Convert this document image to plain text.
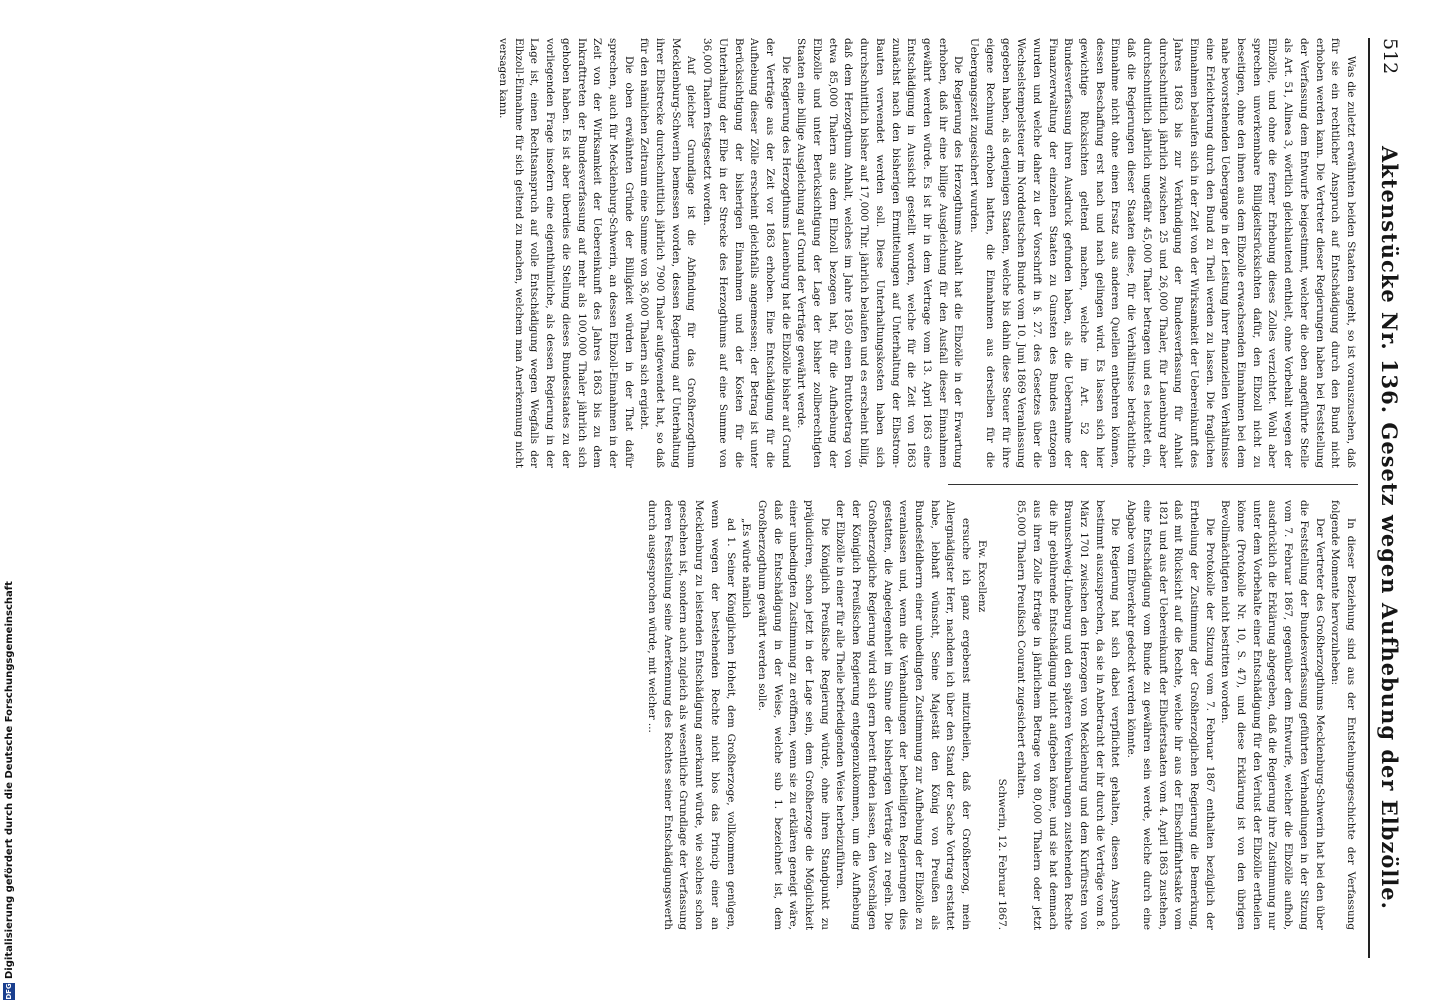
512
Aktenstücke Nr. 136. Gesetz wegen Aufhebung der Elbzölle.

Was die zuletzt erwähnten beiden Staaten angeht, so ist vorauszusehen, daß für sie ein rechtlicher Anspruch auf Entschädigung durch den Bund nicht erhoben werden kann. Die Vertreter dieser Regierungen haben bei Feststellung der Verfassung dem Entwurfe beigestimmt, welcher die oben angeführte Stelle als Art. 51, Alinea 3, wörtlich gleichlautend enthielt, ohne Vorbehalt wegen der Elbzölle, und ohne die ferner Erhebung dieses Zolles verzichtet. Wohl aber sprechen unverkennbare Billigkeitsrücksichten dafür, den Elbzoll nicht zu beseitigen, ohne den ihnen aus dem Elbzolle erwachsenden Einnahmen bei dem nahe bevorstehenden Uebergange in der Leistung ihrer finanziellen Verhältnisse eine Erleichterung durch den Bund zu Theil werden zu lassen. Die fraglichen Einnahmen belaufen sich in der Zeit von der Wirksamkeit der Uebereinkunft des Jahres 1863 bis zur Verkündigung der Bundesverfassung für Anhalt durchschnittlich jährlich zwischen 25 und 26,000 Thaler, für Lauenburg aber durchschnittlich jährlich ungefähr 45,000 Thaler betragen und es leuchtet ein, daß die Regierungen dieser Staaten diese, für die Verhältnisse beträchtliche Einnahme nicht ohne einen Ersatz aus anderen Quellen entbehren können, dessen Beschaffung erst nach und nach gelingen wird. Es lassen sich hier gewichtige Rücksichten geltend machen, welche im Art. 52 der Bundesverfassung ihren Ausdruck gefunden haben, als die Uebernahme der Finanzverwaltung der einzelnen Staaten zu Gunsten des Bundes entzogen wurden und welche daher zu der Vorschrift in §. 27. des Gesetzes über die Wechselstempelsteuer im Norddeutschen Bunde vom 10. Juni 1869 Veranlassung gegeben haben, als denjenigen Staaten, welche bis dahin diese Steuer für ihre eigene Rechnung erhoben hatten, die Einnahmen aus derselben für die Uebergangszeit zugesichert wurden.

Die Regierung des Herzogthums Anhalt hat die Elbzölle in der Erwartung erhoben, daß ihr eine billige Ausgleichung für den Ausfall dieser Einnahmen gewährt werden würde. Es ist ihr in dem Vertrage vom 13. April 1863 eine Entschädigung in Aussicht gestellt worden, welche für die Zeit von 1863 zunächst nach den bisherigen Ermittelungen auf Unterhaltung der Elbstrom-Bauten verwendet werden soll. Diese Unterhaltungskosten haben sich durchschnittlich bisher auf 17,000 Thlr. jährlich belaufen und es erscheint billig, daß dem Herzogthum Anhalt, welches im Jahre 1850 einen Bruttobetrag von etwa 85,000 Thalern aus dem Elbzoll bezogen hat, für die Aufhebung der Elbzölle und unter Berücksichtigung der Lage der bisher zollberechtigten Staaten eine billige Ausgleichung auf Grund der Verträge gewährt werde.

Die Regierung des Herzogthums Lauenburg hat die Elbzölle bisher auf Grund der Verträge aus der Zeit vor 1863 erhoben. Eine Entschädigung für die Aufhebung dieser Zölle erscheint gleichfalls angemessen; der Betrag ist unter Berücksichtigung der bisherigen Einnahmen und der Kosten für die Unterhaltung der Elbe in der Strecke des Herzogthums auf eine Summe von 36,000 Thalern festgesetzt worden.

Auf gleicher Grundlage ist die Abfindung für das Großherzogthum Mecklenburg-Schwerin bemessen worden, dessen Regierung auf Unterhaltung ihrer Elbstrecke durchschnittlich jährlich 7900 Thaler aufgewendet hat, so daß für den nämlichen Zeitraum eine Summe von 36,000 Thalern sich ergiebt.

Die oben erwähnten Gründe der Billigkeit würden in der That dafür sprechen, auch für Mecklenburg-Schwerin, an dessen Elbzoll-Einnahmen in der Zeit von der Wirksamkeit der Uebereinkunft des Jahres 1863 bis zu dem Inkrafttreten der Bundesverfassung auf mehr als 100,000 Thaler jährlich sich gehoben haben. Es ist aber überdies die Stellung dieses Bundesstaates zu der vorliegenden Frage insofern eine eigenthümliche, als dessen Regierung in der Lage ist, einen Rechtsanspruch auf volle Entschädigung wegen Wegfalls der Elbzoll-Einnahme für sich geltend zu machen, welchem man Anerkennung nicht versagen kann.

In dieser Beziehung sind aus der Entstehungsgeschichte der Verfassung folgende Momente hervorzuheben:

Der Vertreter des Großherzogthums Mecklenburg-Schwerin hat bei den über die Feststellung der Bundesverfassung geführten Verhandlungen in der Sitzung vom 7. Februar 1867, gegenüber dem Entwurfe, welcher die Elbzölle aufhob, ausdrücklich die Erklärung abgegeben, daß die Regierung ihre Zustimmung nur unter dem Vorbehalte einer Entschädigung für den Verlust der Elbzölle ertheilen könne (Protokolle Nr. 10, S. 47), und diese Erklärung ist von den übrigen Bevollmächtigten nicht bestritten worden.

Die Protokolle der Sitzung vom 7. Februar 1867 enthalten bezüglich der Ertheilung der Zustimmung der Großherzoglichen Regierung die Bemerkung, daß mit Rücksicht auf die Rechte, welche ihr aus der Elbschifffahrtsakte vom 1821 und aus der Uebereinkunft der Elbuferstaaten vom 4. April 1863 zustehen, eine Entschädigung vom Bunde zu gewähren sein werde, welche durch eine Abgabe vom Elbverkehr gedeckt werden könnte.

Die Regierung hat sich dabei verpflichtet gehalten, diesen Anspruch bestimmt auszusprechen, da sie in Anbetracht der ihr durch die Verträge vom 8. März 1701 zwischen den Herzogen von Mecklenburg und dem Kurfürsten von Braunschweig-Lüneburg und den späteren Vereinbarungen zustehenden Rechte die ihr gebührende Entschädigung nicht aufgeben könne, und sie hat demnach aus ihren Zolle Erträge in jährlichem Betrage von 80,000 Thalern oder jetzt 85,000 Thalern Preußisch Courant zugesichert erhalten.

Schwerin, 12. Februar 1867.

Ew. Excellenz

ersuche ich ganz ergebenst mitzutheilen, daß der Großherzog, mein Allergnädigster Herr, nachdem ich über den Stand der Sache Vortrag erstattet habe, lebhaft wünscht, Seine Majestät den König von Preußen als Bundesfeldherrn einer unbedingten Zustimmung zur Aufhebung der Elbzölle zu veranlassen und, wenn die Verhandlungen der betheiligten Regierungen dies gestatten, die Angelegenheit im Sinne der bisherigen Verträge zu regeln. Die Großherzogliche Regierung wird sich gern bereit finden lassen, den Vorschlägen der Königlich Preußischen Regierung entgegenzukommen, um die Aufhebung der Elbzölle in einer für alle Theile befriedigenden Weise herbeizuführen.

Die Königlich Preußische Regierung würde, ohne ihren Standpunkt zu präjudiciren, schon jetzt in der Lage sein, dem Großherzoge die Möglichkeit einer unbedingten Zustimmung zu eröffnen, wenn sie zu erklären geneigt wäre, daß die Entschädigung in der Weise, welche sub 1. bezeichnet ist, dem Großherzogthum gewährt werden solle.

„Es würde nämlich

ad 1. Seiner Königlichen Hoheit, dem Großherzoge, vollkommen genügen, wenn wegen der bestehenden Rechte nicht blos das Princip einer an Mecklenburg zu leistenden Entschädigung anerkannt würde, wie solches schon geschehen ist, sondern auch zugleich als wesentliche Grundlage der Verfassung deren Feststellung seine Anerkennung des Rechtes seiner Entschädigungswerth durch ausgesprochen würde, mit welcher ...

DFG
Digitalisierung gefördert durch die Deutsche Forschungsgemeinschaft
